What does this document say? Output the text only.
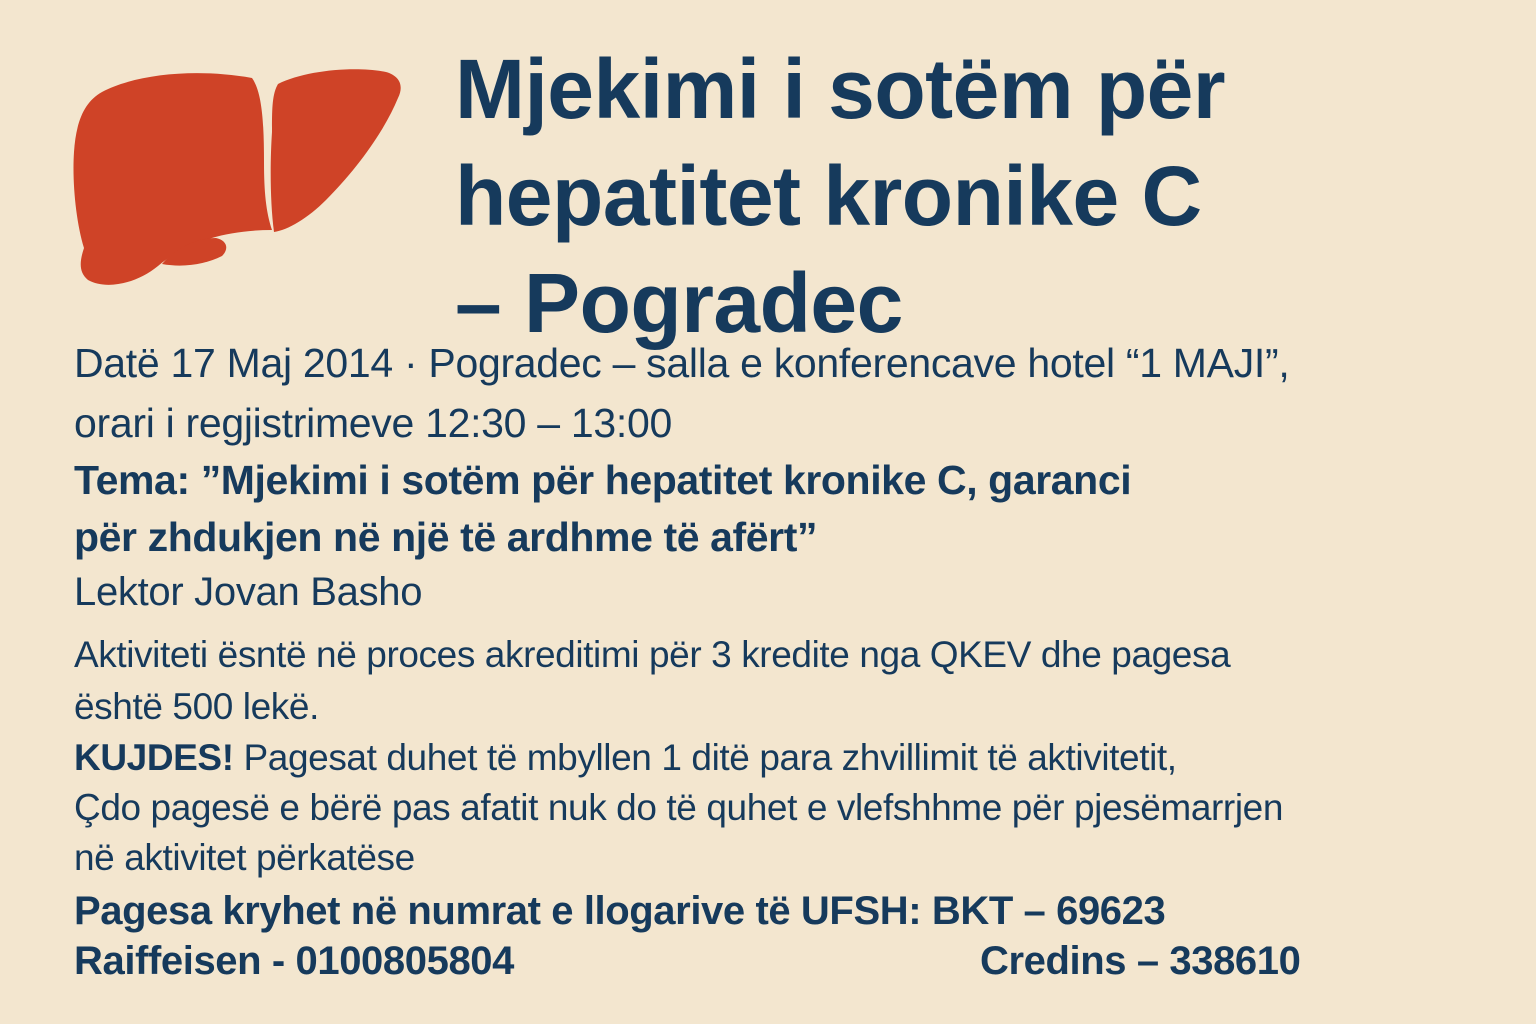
Mjekimi i sotëm për
hepatitet kronike C
– Pogradec
Datë 17 Maj 2014 · Pogradec – salla e konferencave hotel “1 MAJI”,
orari i regjistrimeve 12:30 – 13:00
Tema: ”Mjekimi i sotëm për hepatitet kronike C, garanci
për zhdukjen në një të ardhme të afërt”
Lektor Jovan Basho
Aktiviteti ësntë në proces akreditimi për 3 kredite nga QKEV dhe pagesa
është 500 lekë.
KUJDES! Pagesat duhet të mbyllen 1 ditë para zhvillimit të aktivitetit,
Çdo pagesë e bërë pas afatit nuk do të quhet e vlefshhme për pjesëmarrjen
në aktivitet përkatëse
Pagesa kryhet në numrat e llogarive të UFSH: BKT – 69623
Raiffeisen - 0100805804	Credins – 338610
